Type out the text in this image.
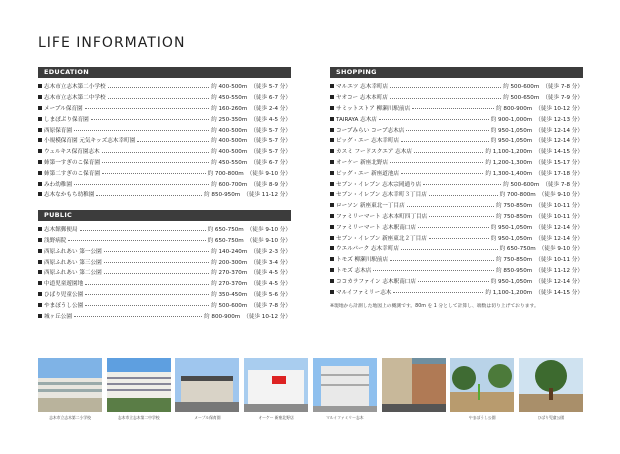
LIFE INFORMATION
EDUCATION
志木市立志木第二小学校	約 400-500m （徒歩 5-7 分）
志木市立志木第二中学校	約 450-550m （徒歩 6-7 分）
メープル保育園	約 160-260m （徒歩 2-4 分）
しまぽぷり保育園	約 250-350m （徒歩 4-5 分）
西原保育園	約 400-500m （徒歩 5-7 分）
小規模保育園 元気キッズ志木幸町園	約 400-500m （徒歩 5-7 分）
ウェルキス保育園志木	約 400-500m （徒歩 5-7 分）
姉第一すぎのこ保育園	約 450-550m （徒歩 6-7 分）
姉第二すぎのこ保育園	約 700-800m （徒歩 9-10 分）
みわ幼稚園	約 600-700m （徒歩 8-9 分）
志木なかもち幼稚園	約 850-950m （徒歩 11-12 分）
PUBLIC
志木館郵便局	約 650-750m （徒歩 9-10 分）
浅野病院	約 650-750m （徒歩 9-10 分）
西原ふれあい 第一公園	約 140-240m （徒歩 2-3 分）
西原ふれあい 第三公園	約 200-300m （徒歩 3-4 分）
西原ふれあい 第二公園	約 270-370m （徒歩 4-5 分）
中道児童遊園地	約 270-370m （徒歩 4-5 分）
ひばり児童公園	約 350-450m （徒歩 5-6 分）
やまぼうし公園	約 500-600m （徒歩 7-8 分）
城ヶ丘公園	約 800-900m （徒歩 10-12 分）
SHOPPING
マルエツ 志木幸町店	約 500-600m （徒歩 7-8 分）
ヤオコー 志木本町店	約 500-650m （徒歩 7-9 分）
サミットストア 柳瀬川駅前店	約 800-900m （徒歩 10-12 分）
TAIRAYA 志木店	約 900-1,000m （徒歩 12-13 分）
コープみらい コープ志木店	約 950-1,050m （徒歩 12-14 分）
ビッグ・エー 志木幸町店	約 950-1,050m （徒歩 12-14 分）
カスミ フードスクエア 志木店	約 1,100-1,200m （徒歩 14-15 分）
オーケー 新座北野店	約 1,200-1,300m （徒歩 15-17 分）
ビッグ・エー 新座道池店	約 1,300-1,400m （徒歩 17-18 分）
セブン・イレブン 志木宗岡通り店	約 500-600m （徒歩 7-8 分）
セブン・イレブン 志木幸町３丁目店	約 700-800m （徒歩 9-10 分）
ローソン 新座東北一丁目店	約 750-850m （徒歩 10-11 分）
ファミリーマート 志木本町四丁目店	約 750-850m （徒歩 10-11 分）
ファミリーマート 志木駅南口店	約 950-1,050m （徒歩 12-14 分）
セブン・イレブン 新座東北２丁目店	約 950-1,050m （徒歩 12-14 分）
ウエルパーク 志木幸町店	約 650-750m （徒歩 9-10 分）
トモズ 柳瀬川駅前店	約 750-850m （徒歩 10-11 分）
トモズ 志木店	約 850-950m （徒歩 11-12 分）
ココカラファイン 志木駅南口店	約 950-1,050m （徒歩 12-14 分）
マルイファミリー志木	約 1,100-1,200m （徒歩 14-15 分）
※現地から計測した地図上の概測です。80m を 1 分として計算し、端数は切り上げております。
志木市立志木第二小学校	志木市立志木第二中学校	メープル保育園	オーケー 新座北野店	マルイファミリー志木	やまぼうし公園	ひばり児童公園
